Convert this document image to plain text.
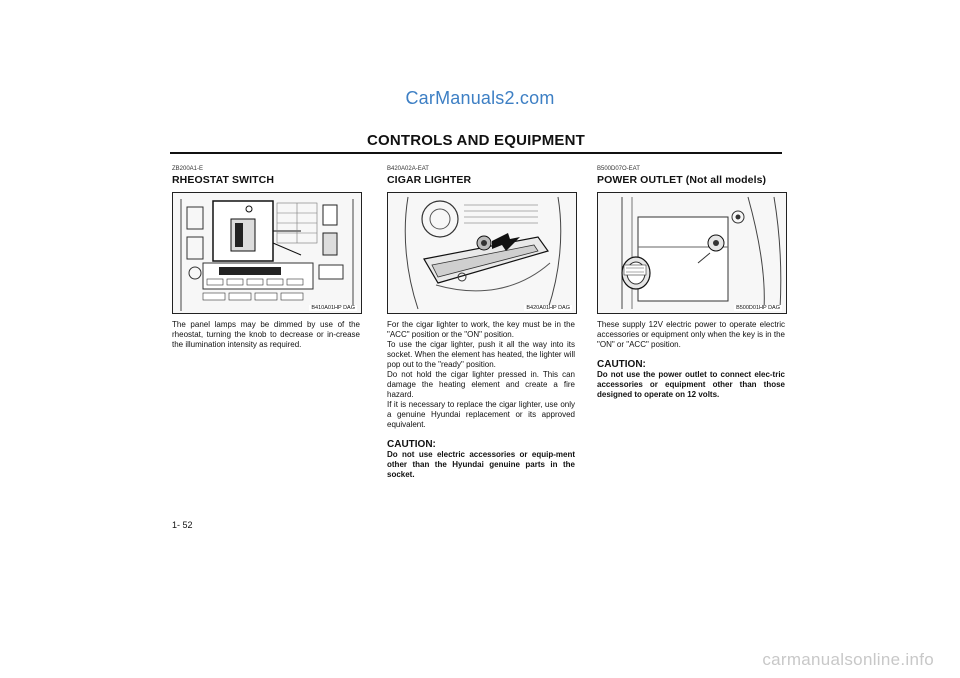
CarManuals2.com
CONTROLS AND EQUIPMENT
ZB200A1-E
RHEOSTAT SWITCH
B410A01HP DAG

The panel lamps may be dimmed by use of the rheostat, turning the knob to decrease or in-crease the illumination intensity as required.

B420A02A-EAT
CIGAR LIGHTER
B420A01HP DAG

For the cigar lighter to work, the key must be in the "ACC" position or the "ON" position.

To use the cigar lighter, push it all the way into its socket. When the element has heated, the lighter will pop out to the "ready" position.

Do not hold the cigar lighter pressed in. This can damage the heating element and create a fire hazard.

If it is necessary to replace the cigar lighter, use only a genuine Hyundai replacement or its approved equivalent.

CAUTION:
Do not use electric accessories or equip-ment other than the Hyundai genuine parts in the socket.
B500D07O-EAT
POWER OUTLET (Not all models)
B500D01HP DAG

These supply 12V electric power to operate electric accessories or equipment only when the key is in the "ON" or "ACC" position.

CAUTION:
Do not use the power outlet to connect elec-tric accessories or equipment other than those designed to operate on 12 volts.
1- 52
carmanualsonline.info
